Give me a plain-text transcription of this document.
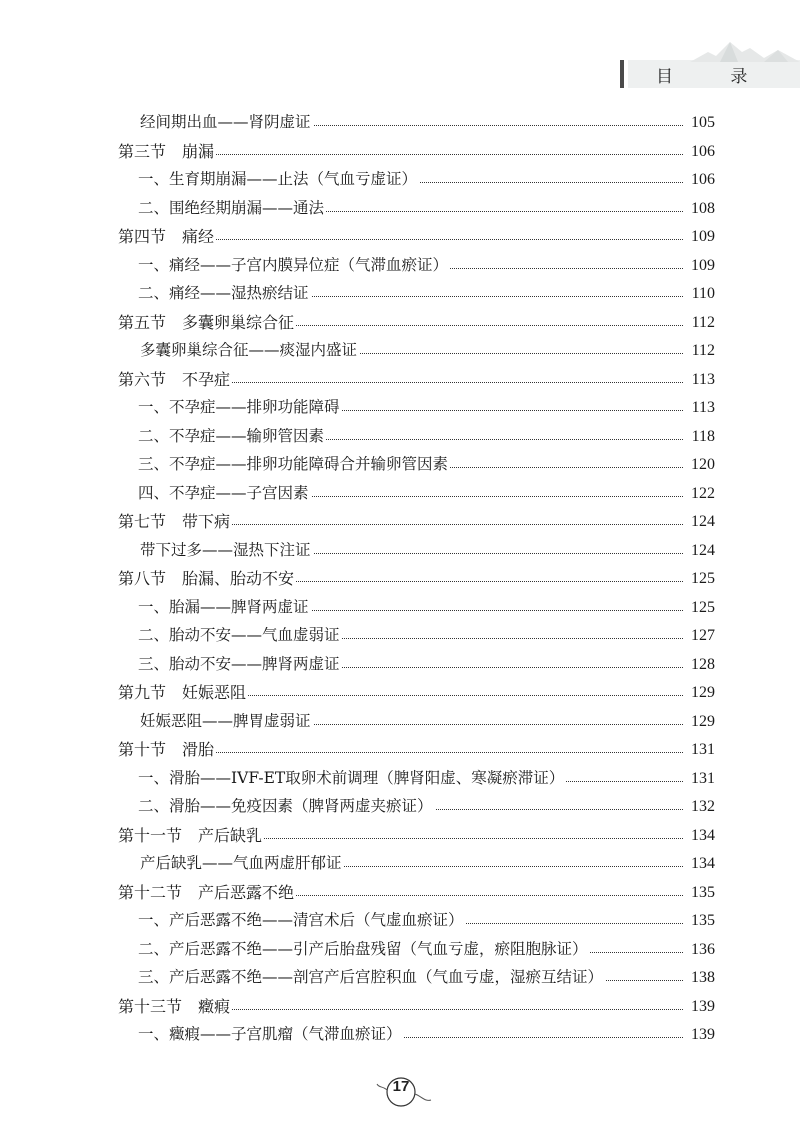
目 录
经间期出血——肾阴虚证	105
第三节　崩漏	106
一、生育期崩漏——止法（气血亏虚证）	106
二、围绝经期崩漏——通法	108
第四节　痛经	109
一、痛经——子宫内膜异位症（气滞血瘀证）	109
二、痛经——湿热瘀结证	110
第五节　多囊卵巢综合征	112
多囊卵巢综合征——痰湿内盛证	112
第六节　不孕症	113
一、不孕症——排卵功能障碍	113
二、不孕症——输卵管因素	118
三、不孕症——排卵功能障碍合并输卵管因素	120
四、不孕症——子宫因素	122
第七节　带下病	124
带下过多——湿热下注证	124
第八节　胎漏、胎动不安	125
一、胎漏——脾肾两虚证	125
二、胎动不安——气血虚弱证	127
三、胎动不安——脾肾两虚证	128
第九节　妊娠恶阻	129
妊娠恶阻——脾胃虚弱证	129
第十节　滑胎	131
一、滑胎——IVF-ET取卵术前调理（脾肾阳虚、寒凝瘀滞证）	131
二、滑胎——免疫因素（脾肾两虚夹瘀证）	132
第十一节　产后缺乳	134
产后缺乳——气血两虚肝郁证	134
第十二节　产后恶露不绝	135
一、产后恶露不绝——清宫术后（气虚血瘀证）	135
二、产后恶露不绝——引产后胎盘残留（气血亏虚，瘀阻胞脉证）	136
三、产后恶露不绝——剖宫产后宫腔积血（气血亏虚，湿瘀互结证）	138
第十三节　癥瘕	139
一、癥瘕——子宫肌瘤（气滞血瘀证）	139
17
